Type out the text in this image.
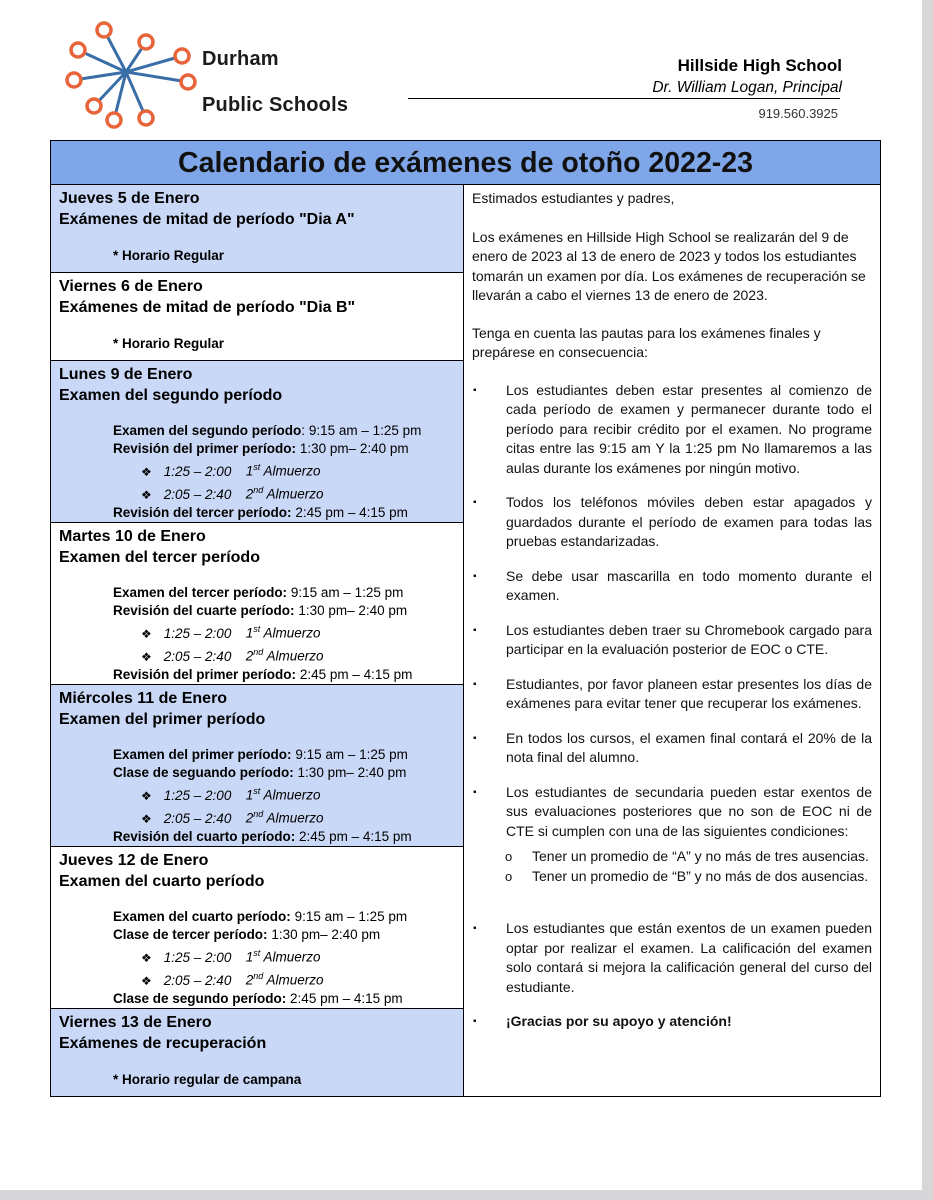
Durham
Public Schools
Hillside High School
Dr. William Logan, Principal
919.560.3925
Calendario de exámenes de otoño 2022-23
Jueves 5 de Enero
Exámenes de mitad de período "Dia A"
* Horario Regular
Viernes 6 de Enero
Exámenes de mitad de período "Dia B"
* Horario Regular
Lunes 9 de Enero
Examen del segundo período
Examen del segundo período: 9:15 am – 1:25 pm
Revisión del primer período: 1:30 pm– 2:40 pm
❖ 1:25 – 2:00 1st Almuerzo
❖ 2:05 – 2:40 2nd Almuerzo
Revisión del tercer período: 2:45 pm – 4:15 pm
Martes 10 de Enero
Examen del tercer período
Examen del tercer período: 9:15 am – 1:25 pm
Revisión del cuarte período: 1:30 pm– 2:40 pm
❖ 1:25 – 2:00 1st Almuerzo
❖ 2:05 – 2:40 2nd Almuerzo
Revisión del primer período: 2:45 pm – 4:15 pm
Miércoles 11 de Enero
Examen del primer período
Examen del primer período: 9:15 am – 1:25 pm
Clase de seguando período: 1:30 pm– 2:40 pm
❖ 1:25 – 2:00 1st Almuerzo
❖ 2:05 – 2:40 2nd Almuerzo
Revisión del cuarto período: 2:45 pm – 4:15 pm
Jueves 12 de Enero
Examen del cuarto período
Examen del cuarto período: 9:15 am – 1:25 pm
Clase de tercer período: 1:30 pm– 2:40 pm
❖ 1:25 – 2:00 1st Almuerzo
❖ 2:05 – 2:40 2nd Almuerzo
Clase de segundo período: 2:45 pm – 4:15 pm
Viernes 13 de Enero
Exámenes de recuperación
* Horario regular de campana

Estimados estudiantes y padres,

Los exámenes en Hillside High School se realizarán del 9 de enero de 2023 al 13 de enero de 2023 y todos los estudiantes tomarán un examen por día. Los exámenes de recuperación se llevarán a cabo el viernes 13 de enero de 2023.

Tenga en cuenta las pautas para los exámenes finales y prepárese en consecuencia:

▪	Los estudiantes deben estar presentes al comienzo de cada período de examen y permanecer durante todo el período para recibir crédito por el examen. No programe citas entre las 9:15 am Y la 1:25 pm No llamaremos a las aulas durante los exámenes por ningún motivo.
▪	Todos los teléfonos móviles deben estar apagados y guardados durante el período de examen para todas las pruebas estandarizadas.
▪	Se debe usar mascarilla en todo momento durante el examen.
▪	Los estudiantes deben traer su Chromebook cargado para participar en la evaluación posterior de EOC o CTE.
▪	Estudiantes, por favor planeen estar presentes los días de exámenes para evitar tener que recuperar los exámenes.
▪	En todos los cursos, el examen final contará el 20% de la nota final del alumno.
▪	Los estudiantes de secundaria pueden estar exentos de sus evaluaciones posteriores que no son de EOC ni de CTE si cumplen con una de las siguientes condiciones:
o	Tener un promedio de “A” y no más de tres ausencias.
o	Tener un promedio de “B” y no más de dos ausencias.
▪	Los estudiantes que están exentos de un examen pueden optar por realizar el examen. La calificación del examen solo contará si mejora la calificación general del curso del estudiante.
▪	¡Gracias por su apoyo y atención!
